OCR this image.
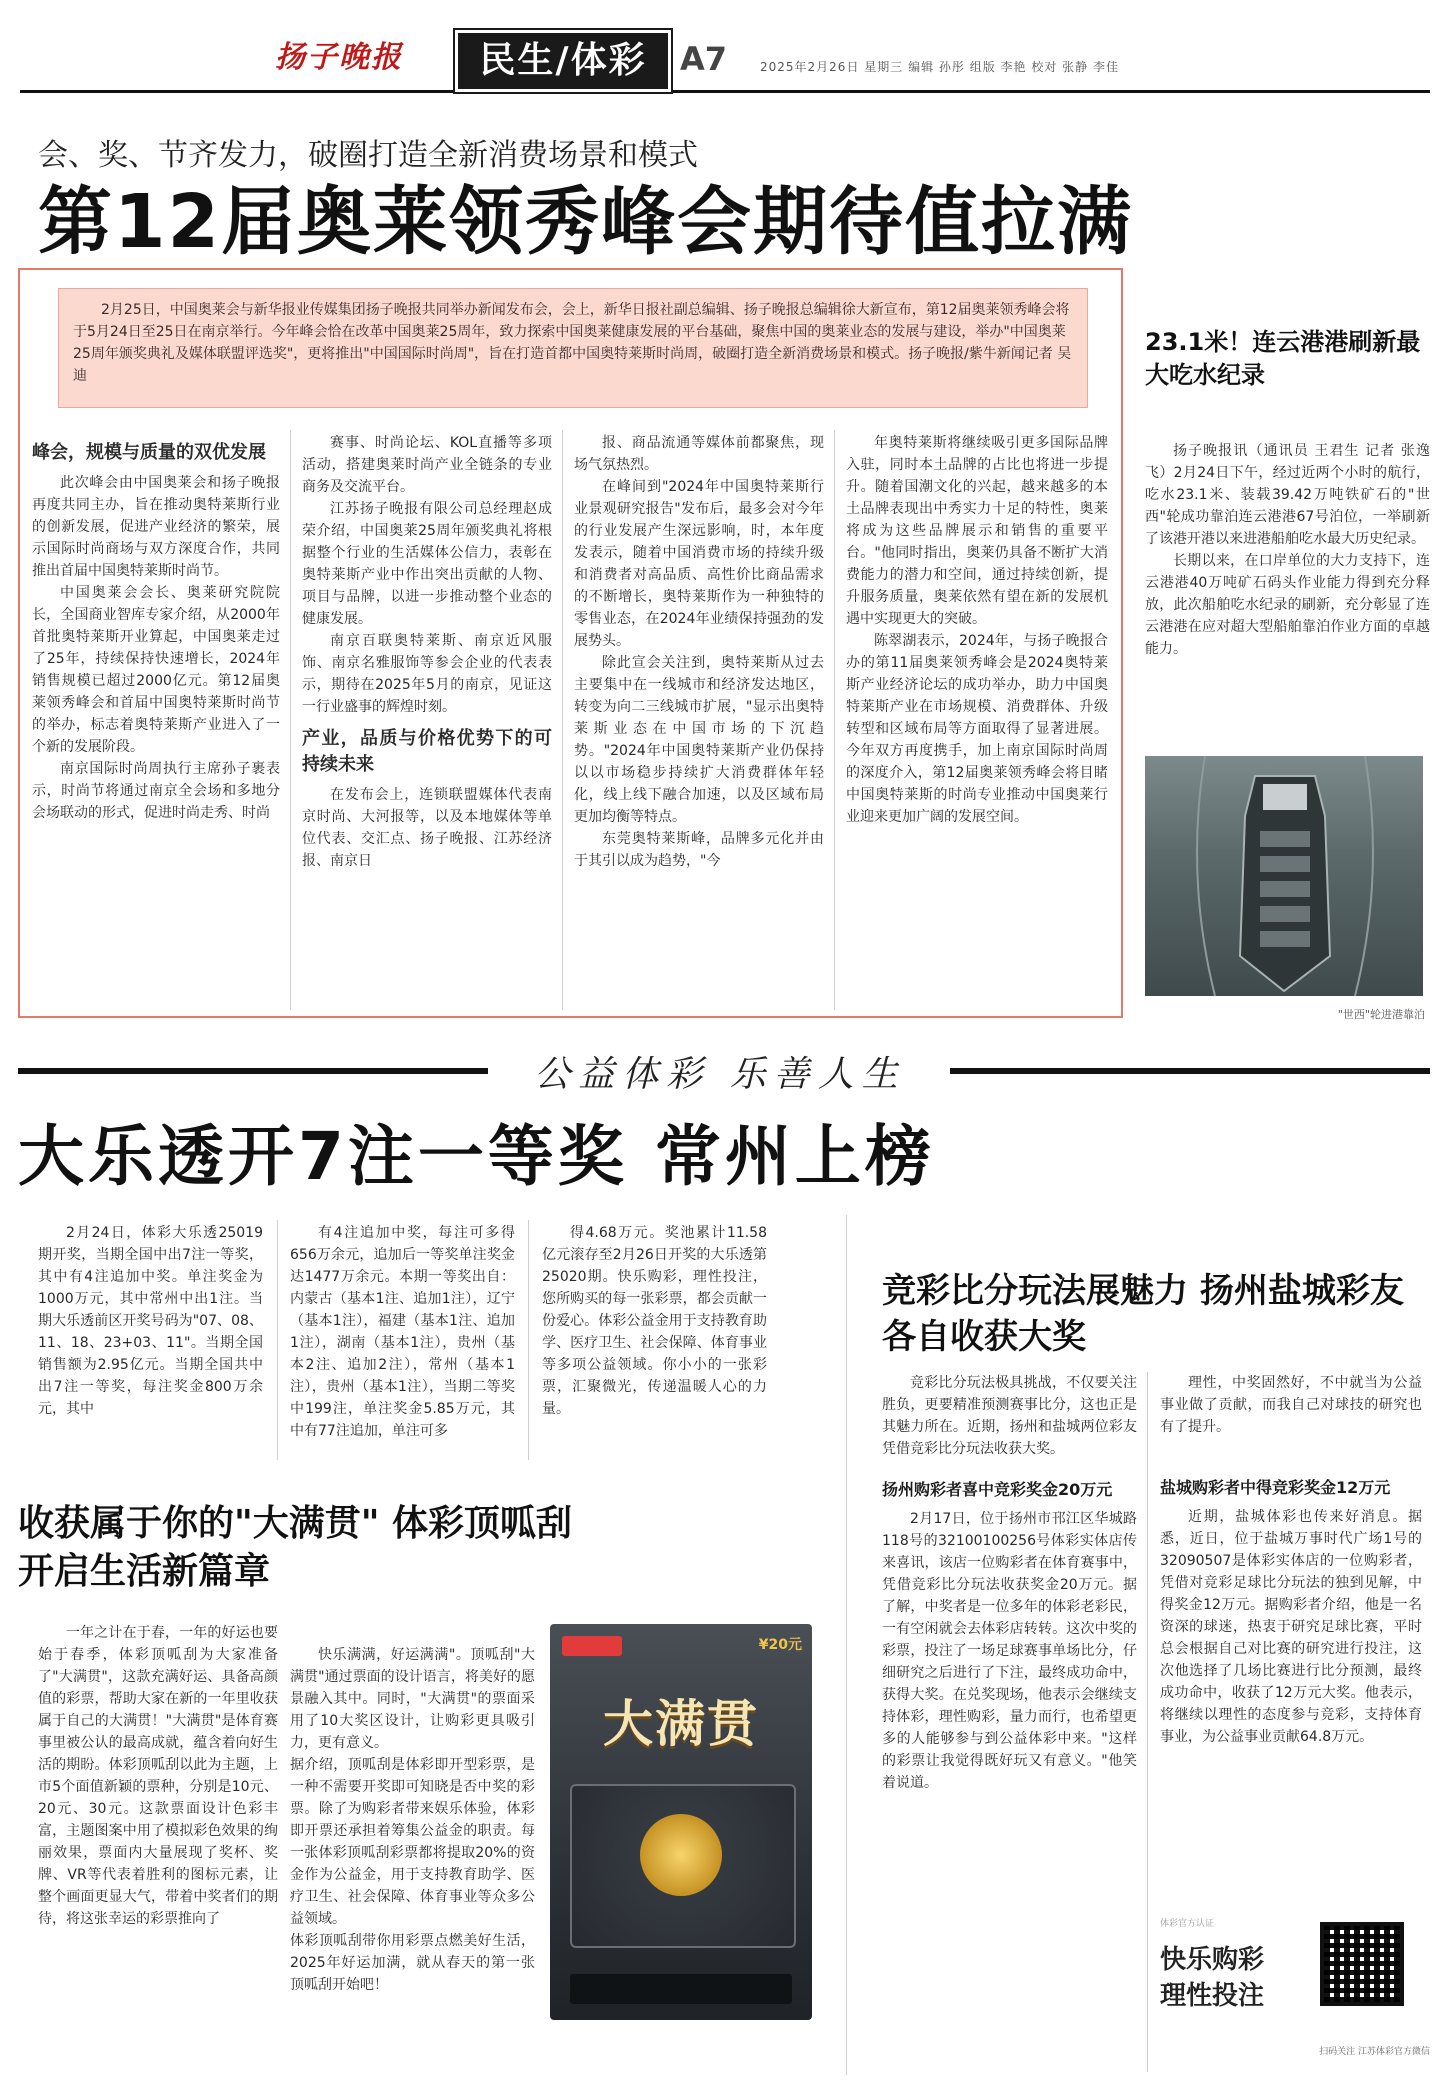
扬子晚报	民生/体彩	A7	2025年2月26日 星期三 编辑 孙彤 组版 李艳 校对 张静 李佳
会、奖、节齐发力，破圈打造全新消费场景和模式
第12届奥莱领秀峰会期待值拉满
2月25日，中国奥莱会与新华报业传媒集团扬子晚报共同举办新闻发布会，会上，新华日报社副总编辑、扬子晚报总编辑徐大新宣布，第12届奥莱领秀峰会将于5月24日至25日在南京举行。今年峰会恰在改革中国奥莱25周年，致力探索中国奥莱健康发展的平台基础，聚焦中国的奥莱业态的发展与建设，举办"中国奥莱25周年颁奖典礼及媒体联盟评选奖"，更将推出"中国国际时尚周"，旨在打造首都中国奥特莱斯时尚周，破圈打造全新消费场景和模式。扬子晚报/紫牛新闻记者 吴迪
峰会，规模与质量的双优发展

此次峰会由中国奥莱会和扬子晚报再度共同主办，旨在推动奥特莱斯行业的创新发展，促进产业经济的繁荣，展示国际时尚商场与双方深度合作，共同推出首届中国奥特莱斯时尚节。

中国奥莱会会长、奥莱研究院院长，全国商业智库专家介绍，从2000年首批奥特莱斯开业算起，中国奥莱走过了25年，持续保持快速增长，2024年销售规模已超过2000亿元。第12届奥莱领秀峰会和首届中国奥特莱斯时尚节的举办，标志着奥特莱斯产业进入了一个新的发展阶段。

南京国际时尚周执行主席孙子裹表示，时尚节将通过南京全会场和多地分会场联动的形式，促进时尚走秀、时尚

赛事、时尚论坛、KOL直播等多项活动，搭建奥莱时尚产业全链条的专业商务及交流平台。

江苏扬子晚报有限公司总经理赵成荣介绍，中国奥莱25周年颁奖典礼将根据整个行业的生活媒体公信力，表彰在奥特莱斯产业中作出突出贡献的人物、项目与品牌，以进一步推动整个业态的健康发展。

南京百联奥特莱斯、南京近风服饰、南京名雅服饰等参会企业的代表表示，期待在2025年5月的南京，见证这一行业盛事的辉煌时刻。

产业，品质与价格优势下的可持续未来

在发布会上，连锁联盟媒体代表南京时尚、大河报等，以及本地媒体等单位代表、交汇点、扬子晚报、江苏经济报、南京日

报、商品流通等媒体前都聚焦，现场气氛热烈。

在峰间到"2024年中国奥特莱斯行业景观研究报告"发布后，最多会对今年的行业发展产生深远影响，时，本年度发表示，随着中国消费市场的持续升级和消费者对高品质、高性价比商品需求的不断增长，奥特莱斯作为一种独特的零售业态，在2024年业绩保持强劲的发展势头。

除此宣会关注到，奥特莱斯从过去主要集中在一线城市和经济发达地区，转变为向二三线城市扩展，"显示出奥特莱斯业态在中国市场的下沉趋势。"2024年中国奥特莱斯产业仍保持以以市场稳步持续扩大消费群体年轻化，线上线下融合加速，以及区域布局更加均衡等特点。

东莞奥特莱斯峰，品牌多元化并由于其引以成为趋势，"今

年奥特莱斯将继续吸引更多国际品牌入驻，同时本土品牌的占比也将进一步提升。随着国潮文化的兴起，越来越多的本土品牌表现出中秀实力十足的特性，奥莱将成为这些品牌展示和销售的重要平台。"他同时指出，奥莱仍具备不断扩大消费能力的潜力和空间，通过持续创新，提升服务质量，奥莱依然有望在新的发展机遇中实现更大的突破。

陈翠湖表示，2024年，与扬子晚报合办的第11届奥莱领秀峰会是2024奥特莱斯产业经济论坛的成功举办，助力中国奥特莱斯产业在市场规模、消费群体、升级转型和区域布局等方面取得了显著进展。今年双方再度携手，加上南京国际时尚周的深度介入，第12届奥莱领秀峰会将目睹中国奥特莱斯的时尚专业推动中国奥莱行业迎来更加广阔的发展空间。

23.1米！连云港港刷新最大吃水纪录

扬子晚报讯（通讯员 王君生 记者 张逸飞）2月24日下午，经过近两个小时的航行，吃水23.1米、装载39.42万吨铁矿石的"世西"轮成功靠泊连云港港67号泊位，一举刷新了该港开港以来进港船舶吃水最大历史纪录。

长期以来，在口岸单位的大力支持下，连云港港40万吨矿石码头作业能力得到充分释放，此次船舶吃水纪录的刷新，充分彰显了连云港港在应对超大型船舶靠泊作业方面的卓越能力。

"世西"轮进港靠泊
公益体彩 乐善人生
大乐透开7注一等奖 常州上榜

2月24日，体彩大乐透25019期开奖，当期全国中出7注一等奖，其中有4注追加中奖。单注奖金为1000万元，其中常州中出1注。当期大乐透前区开奖号码为"07、08、11、18、23+03、11"。当期全国销售额为2.95亿元。当期全国共中出7注一等奖，每注奖金800万余元，其中

有4注追加中奖，每注可多得656万余元，追加后一等奖单注奖金达1477万余元。本期一等奖出自：内蒙古（基本1注、追加1注），辽宁（基本1注），福建（基本1注、追加1注），湖南（基本1注），贵州（基本2注、追加2注），常州（基本1注），贵州（基本1注），当期二等奖中199注，单注奖金5.85万元，其中有77注追加，单注可多

得4.68万元。奖池累计11.58亿元滚存至2月26日开奖的大乐透第25020期。快乐购彩，理性投注，您所购买的每一张彩票，都会贡献一份爱心。体彩公益金用于支持教育助学、医疗卫生、社会保障、体育事业等多项公益领域。你小小的一张彩票，汇聚微光，传递温暖人心的力量。

收获属于你的"大满贯" 体彩顶呱刮开启生活新篇章

一年之计在于春，一年的好运也要始于春季，体彩顶呱刮为大家准备了"大满贯"，这款充满好运、具备高颜值的彩票，帮助大家在新的一年里收获属于自己的大满贯！"大满贯"是体育赛事里被公认的最高成就，蕴含着向好生活的期盼。体彩顶呱刮以此为主题，上市5个面值新颖的票种，分别是10元、20元、30元。这款票面设计色彩丰富，主题图案中用了模拟彩色效果的绚丽效果，票面内大量展现了奖杯、奖牌、VR等代表着胜利的图标元素，让整个画面更显大气，带着中奖者们的期待，将这张幸运的彩票推向了

快乐满满，好运满满"。顶呱刮"大满贯"通过票面的设计语言，将美好的愿景融入其中。同时，"大满贯"的票面采用了10大奖区设计，让购彩更具吸引力，更有意义。
据介绍，顶呱刮是体彩即开型彩票，是一种不需要开奖即可知晓是否中奖的彩票。除了为购彩者带来娱乐体验，体彩即开票还承担着筹集公益金的职责。每一张体彩顶呱刮彩票都将提取20%的资金作为公益金，用于支持教育助学、医疗卫生、社会保障、体育事业等众多公益领域。
体彩顶呱刮带你用彩票点燃美好生活，2025年好运加满，就从春天的第一张顶呱刮开始吧！

¥20元
大满贯
竞彩比分玩法展魅力 扬州盐城彩友各自收获大奖

竞彩比分玩法极具挑战，不仅要关注胜负，更要精准预测赛事比分，这也正是其魅力所在。近期，扬州和盐城两位彩友凭借竞彩比分玩法收获大奖。

扬州购彩者喜中竞彩奖金20万元

2月17日，位于扬州市邗江区华城路118号的32100100256号体彩实体店传来喜讯，该店一位购彩者在体育赛事中，凭借竞彩比分玩法收获奖金20万元。据了解，中奖者是一位多年的体彩老彩民，一有空闲就会去体彩店转转。这次中奖的彩票，投注了一场足球赛事单场比分，仔细研究之后进行了下注，最终成功命中，获得大奖。在兑奖现场，他表示会继续支持体彩，理性购彩，量力而行，也希望更多的人能够参与到公益体彩中来。"这样的彩票让我觉得既好玩又有意义。"他笑着说道。

理性，中奖固然好，不中就当为公益事业做了贡献，而我自己对球技的研究也有了提升。

盐城购彩者中得竞彩奖金12万元

近期，盐城体彩也传来好消息。据悉，近日，位于盐城万事时代广场1号的32090507是体彩实体店的一位购彩者，凭借对竞彩足球比分玩法的独到见解，中得奖金12万元。据购彩者介绍，他是一名资深的球迷，热衷于研究足球比赛，平时总会根据自己对比赛的研究进行投注，这次他选择了几场比赛进行比分预测，最终成功命中，收获了12万元大奖。他表示，将继续以理性的态度参与竞彩，支持体育事业，为公益事业贡献64.8万元。

体彩官方认证
快乐购彩 理性投注
扫码关注 江苏体彩官方微信
